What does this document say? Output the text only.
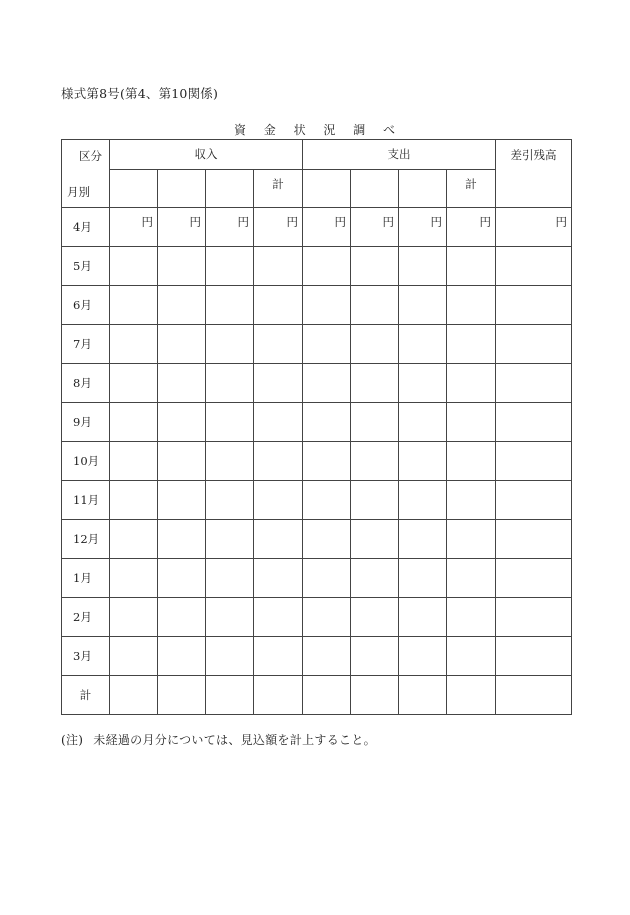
様式第8号(第4、第10関係)
資 金 状 況 調 べ
区分
月別	収入				支出				差引残高
				計				計	
4月	円	円	円	円	円	円	円	円	円
5月									
6月									
7月									
8月									
9月									
10月									
11月									
12月									
1月									
2月									
3月									
計									
(注) 未経過の月分については、見込額を計上すること。
